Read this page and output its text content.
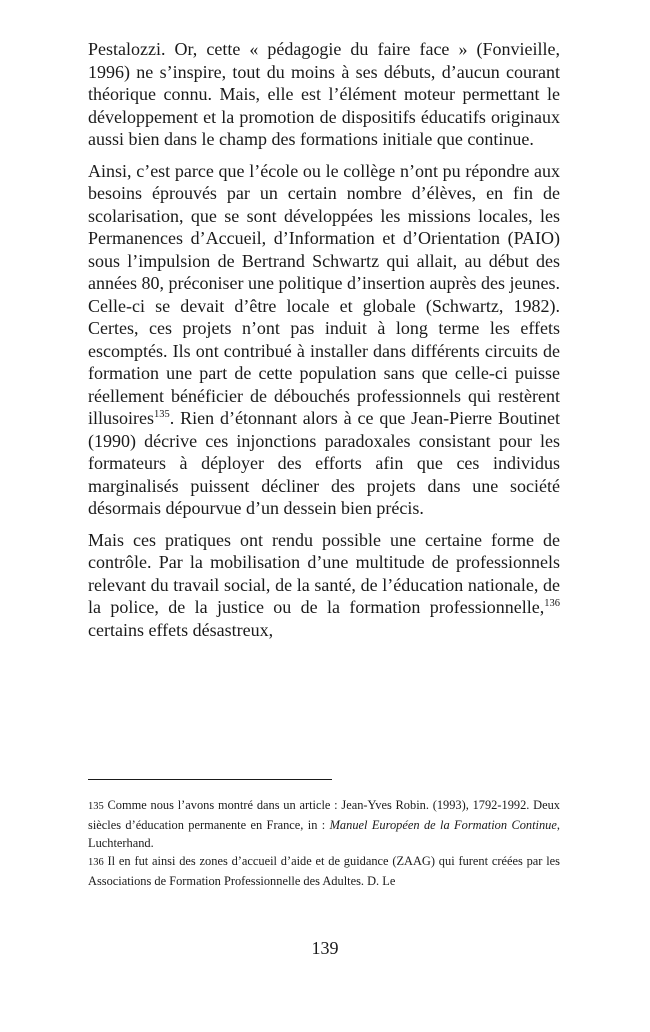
Pestalozzi. Or, cette « pédagogie du faire face » (Fonvieille, 1996) ne s’inspire, tout du moins à ses débuts, d’aucun courant théorique connu. Mais, elle est l’élément moteur permettant le développement et la promotion de dispositifs éducatifs originaux aussi bien dans le champ des formations initiale que continue.

Ainsi, c’est parce que l’école ou le collège n’ont pu répondre aux besoins éprouvés par un certain nombre d’élèves, en fin de scolarisation, que se sont développées les missions locales, les Permanences d’Accueil, d’Information et d’Orientation (PAIO) sous l’impulsion de Bertrand Schwartz qui allait, au début des années 80, préconiser une politique d’insertion auprès des jeunes. Celle-ci se devait d’être locale et globale (Schwartz, 1982). Certes, ces projets n’ont pas induit à long terme les effets escomptés. Ils ont contribué à installer dans différents circuits de formation une part de cette population sans que celle-ci puisse réellement bénéficier de débouchés professionnels qui restèrent illusoires$^{135}$. Rien d’étonnant alors à ce que Jean-Pierre Boutinet (1990) décrive ces injonctions paradoxales consistant pour les formateurs à déployer des efforts afin que ces individus marginalisés puissent décliner des projets dans une société désormais dépourvue d’un dessein bien précis.

Mais ces pratiques ont rendu possible une certaine forme de contrôle. Par la mobilisation d’une multitude de professionnels relevant du travail social, de la santé, de l’éducation nationale, de la police, de la justice ou de la formation professionnelle,$^{136}$ certains effets désastreux,

135 Comme nous l’avons montré dans un article : Jean-Yves Robin. (1993), 1792-1992. Deux siècles d’éducation permanente en France, in : Manuel Européen de la Formation Continue, Luchterhand.

136 Il en fut ainsi des zones d’accueil d’aide et de guidance (ZAAG) qui furent créées par les Associations de Formation Professionnelle des Adultes. D. Le

139
